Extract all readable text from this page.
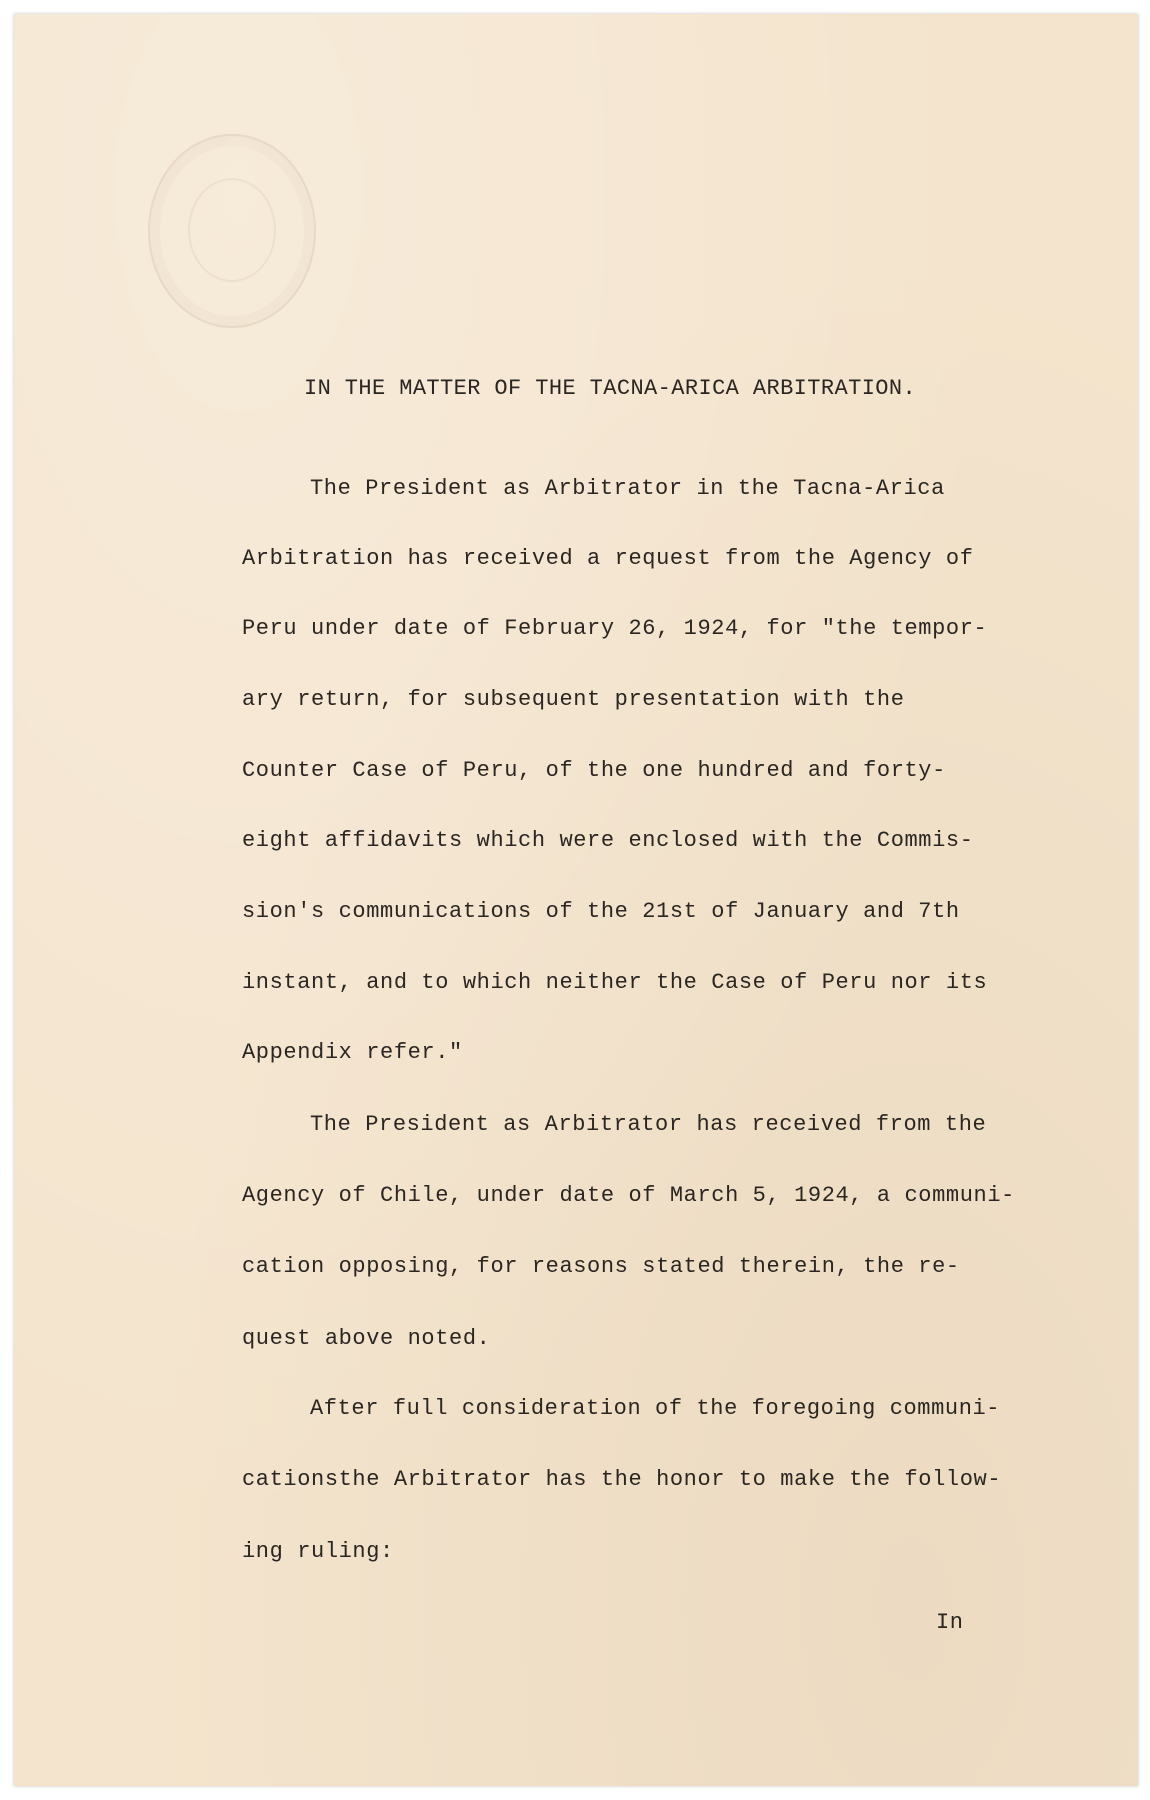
IN THE MATTER OF THE TACNA-ARICA ARBITRATION.
The President as Arbitrator in the Tacna-Arica
Arbitration has received a request from the Agency of
Peru under date of February 26, 1924, for "the tempor-
ary return, for subsequent presentation with the
Counter Case of Peru, of the one hundred and forty-
eight affidavits which were enclosed with the Commis-
sion's communications of the 21st of January and 7th
instant, and to which neither the Case of Peru nor its
Appendix refer."
The President as Arbitrator has received from the
Agency of Chile, under date of March 5, 1924, a communi-
cation opposing, for reasons stated therein, the re-
quest above noted.
After full consideration of the foregoing communi-
cationsthe Arbitrator has the honor to make the follow-
ing ruling:
In
